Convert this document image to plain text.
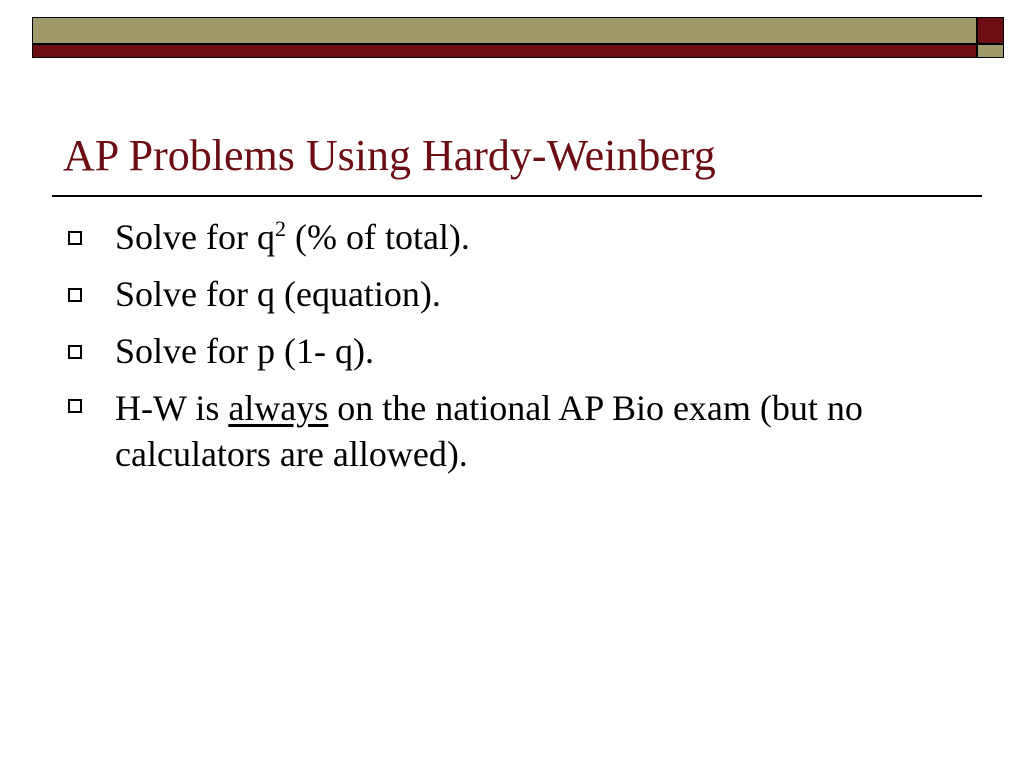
AP Problems Using Hardy-Weinberg
Solve for $q^2$ (% of total).
Solve for q (equation).
Solve for p (1- q).
H-W is always on the national AP Bio exam (but no calculators are allowed).
